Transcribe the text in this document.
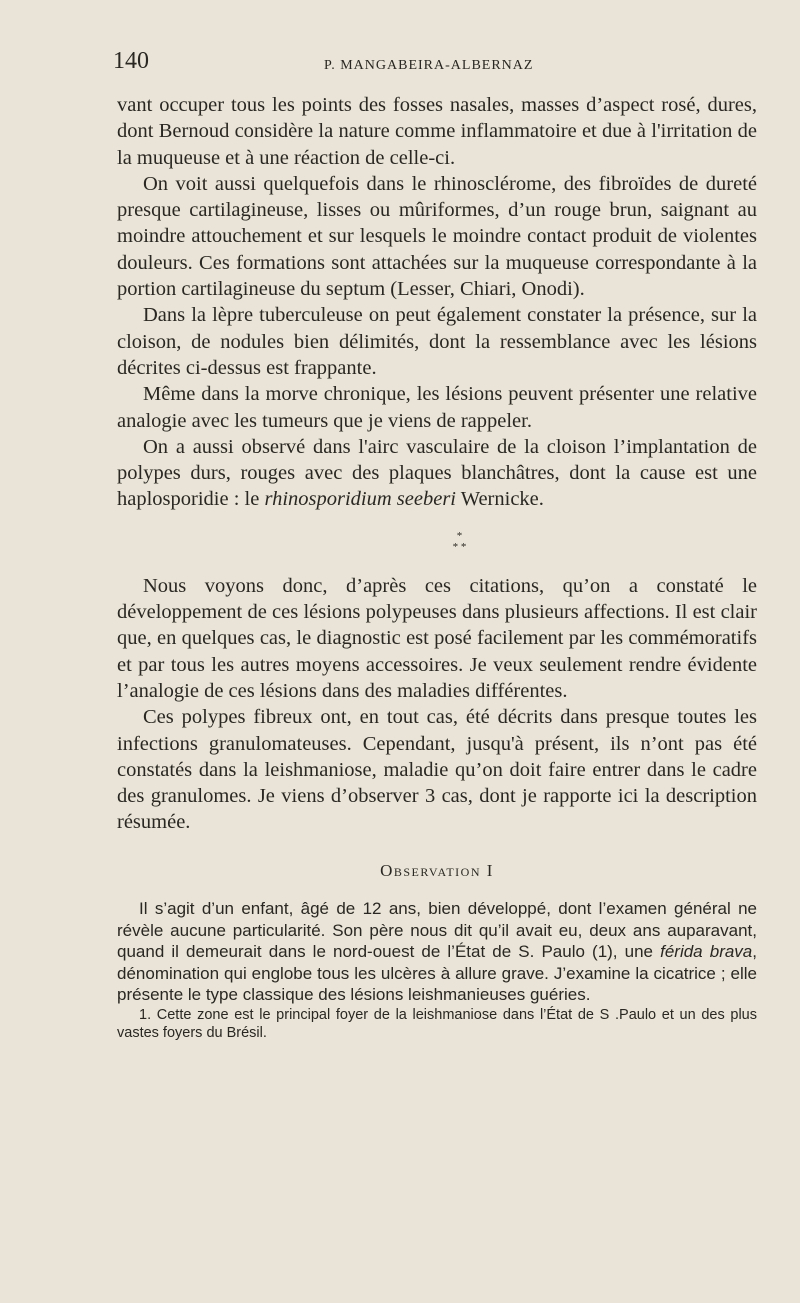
140	P. MANGABEIRA-ALBERNAZ

vant occuper tous les points des fosses nasales, masses d’aspect rosé, dures, dont Bernoud considère la nature comme inflammatoire et due à l'irritation de la muqueuse et à une réaction de celle-ci.

On voit aussi quelquefois dans le rhinosclérome, des fibroïdes de dureté presque cartilagineuse, lisses ou mûriformes, d’un rouge brun, saignant au moindre attouchement et sur lesquels le moindre contact produit de violentes douleurs. Ces formations sont attachées sur la muqueuse correspondante à la portion cartilagineuse du septum (Lesser, Chiari, Onodi).

Dans la lèpre tuberculeuse on peut également constater la présence, sur la cloison, de nodules bien délimités, dont la ressemblance avec les lésions décrites ci-dessus est frappante.

Même dans la morve chronique, les lésions peuvent présenter une relative analogie avec les tumeurs que je viens de rappeler.

On a aussi observé dans l'airc vasculaire de la cloison l’implantation de polypes durs, rouges avec des plaques blanchâtres, dont la cause est une haplosporidie : le rhinosporidium seeberi Wernicke.

*
* *

Nous voyons donc, d’après ces citations, qu’on a constaté le développement de ces lésions polypeuses dans plusieurs affections. Il est clair que, en quelques cas, le diagnostic est posé facilement par les commémoratifs et par tous les autres moyens accessoires. Je veux seulement rendre évidente l’analogie de ces lésions dans des maladies différentes.

Ces polypes fibreux ont, en tout cas, été décrits dans presque toutes les infections granulomateuses. Cependant, jusqu'à présent, ils n’ont pas été constatés dans la leishmaniose, maladie qu’on doit faire entrer dans le cadre des granulomes. Je viens d’observer 3 cas, dont je rapporte ici la description résumée.

Observation I

Il s’agit d’un enfant, âgé de 12 ans, bien développé, dont l’examen général ne révèle aucune particularité. Son père nous dit qu’il avait eu, deux ans auparavant, quand il demeurait dans le nord-ouest de l’État de S. Paulo (1), une férida brava, dénomination qui englobe tous les ulcères à allure grave. J’examine la cicatrice ; elle présente le type classique des lésions leishmanieuses guéries.

1. Cette zone est le principal foyer de la leishmaniose dans l’État de S .Paulo et un des plus vastes foyers du Brésil.
